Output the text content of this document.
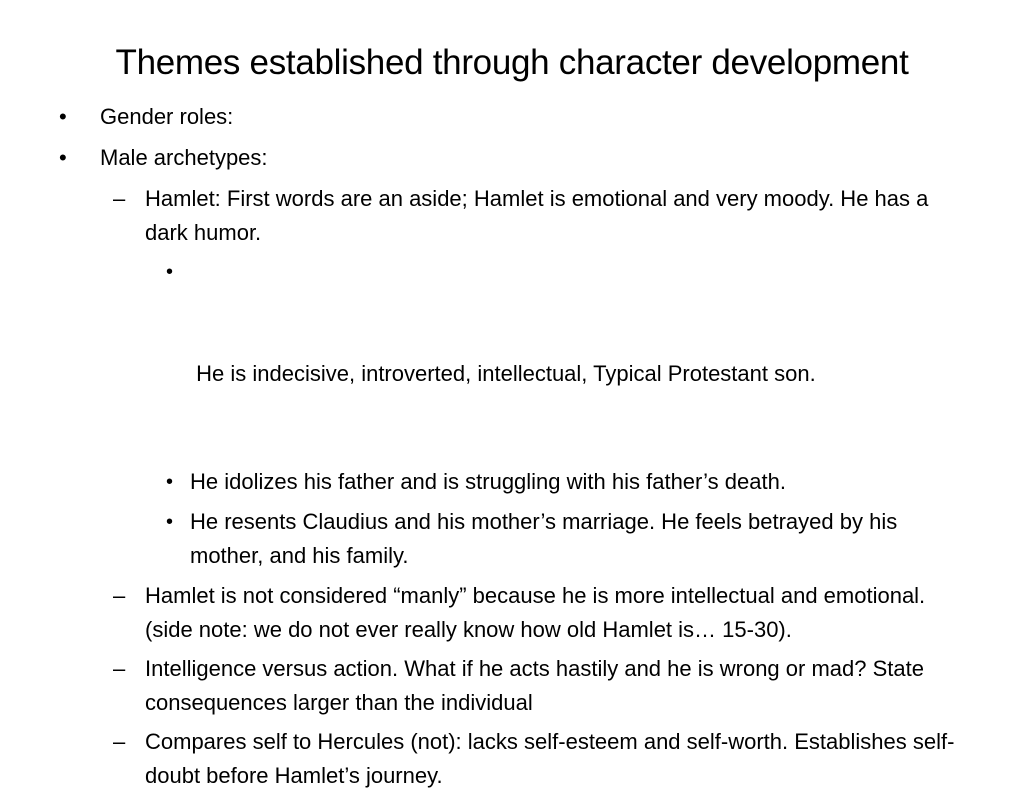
Themes established through character development
• Gender roles:
• Male archetypes:
– Hamlet: First words are an aside; Hamlet is emotional and very moody. He has a dark humor.

•

He is indecisive, introverted, intellectual, Typical Protestant son.

• He idolizes his father and is struggling with his father’s death.
• He resents Claudius and his mother’s marriage. He feels betrayed by his mother, and his family.
– Hamlet is not considered “manly” because he is more intellectual and emotional. (side note: we do not ever really know how old Hamlet is… 15-30).
– Intelligence versus action. What if he acts hastily and he is wrong or mad? State consequences larger than the individual
– Compares self to Hercules (not): lacks self-esteem and self-worth. Establishes self-doubt before Hamlet’s journey.
